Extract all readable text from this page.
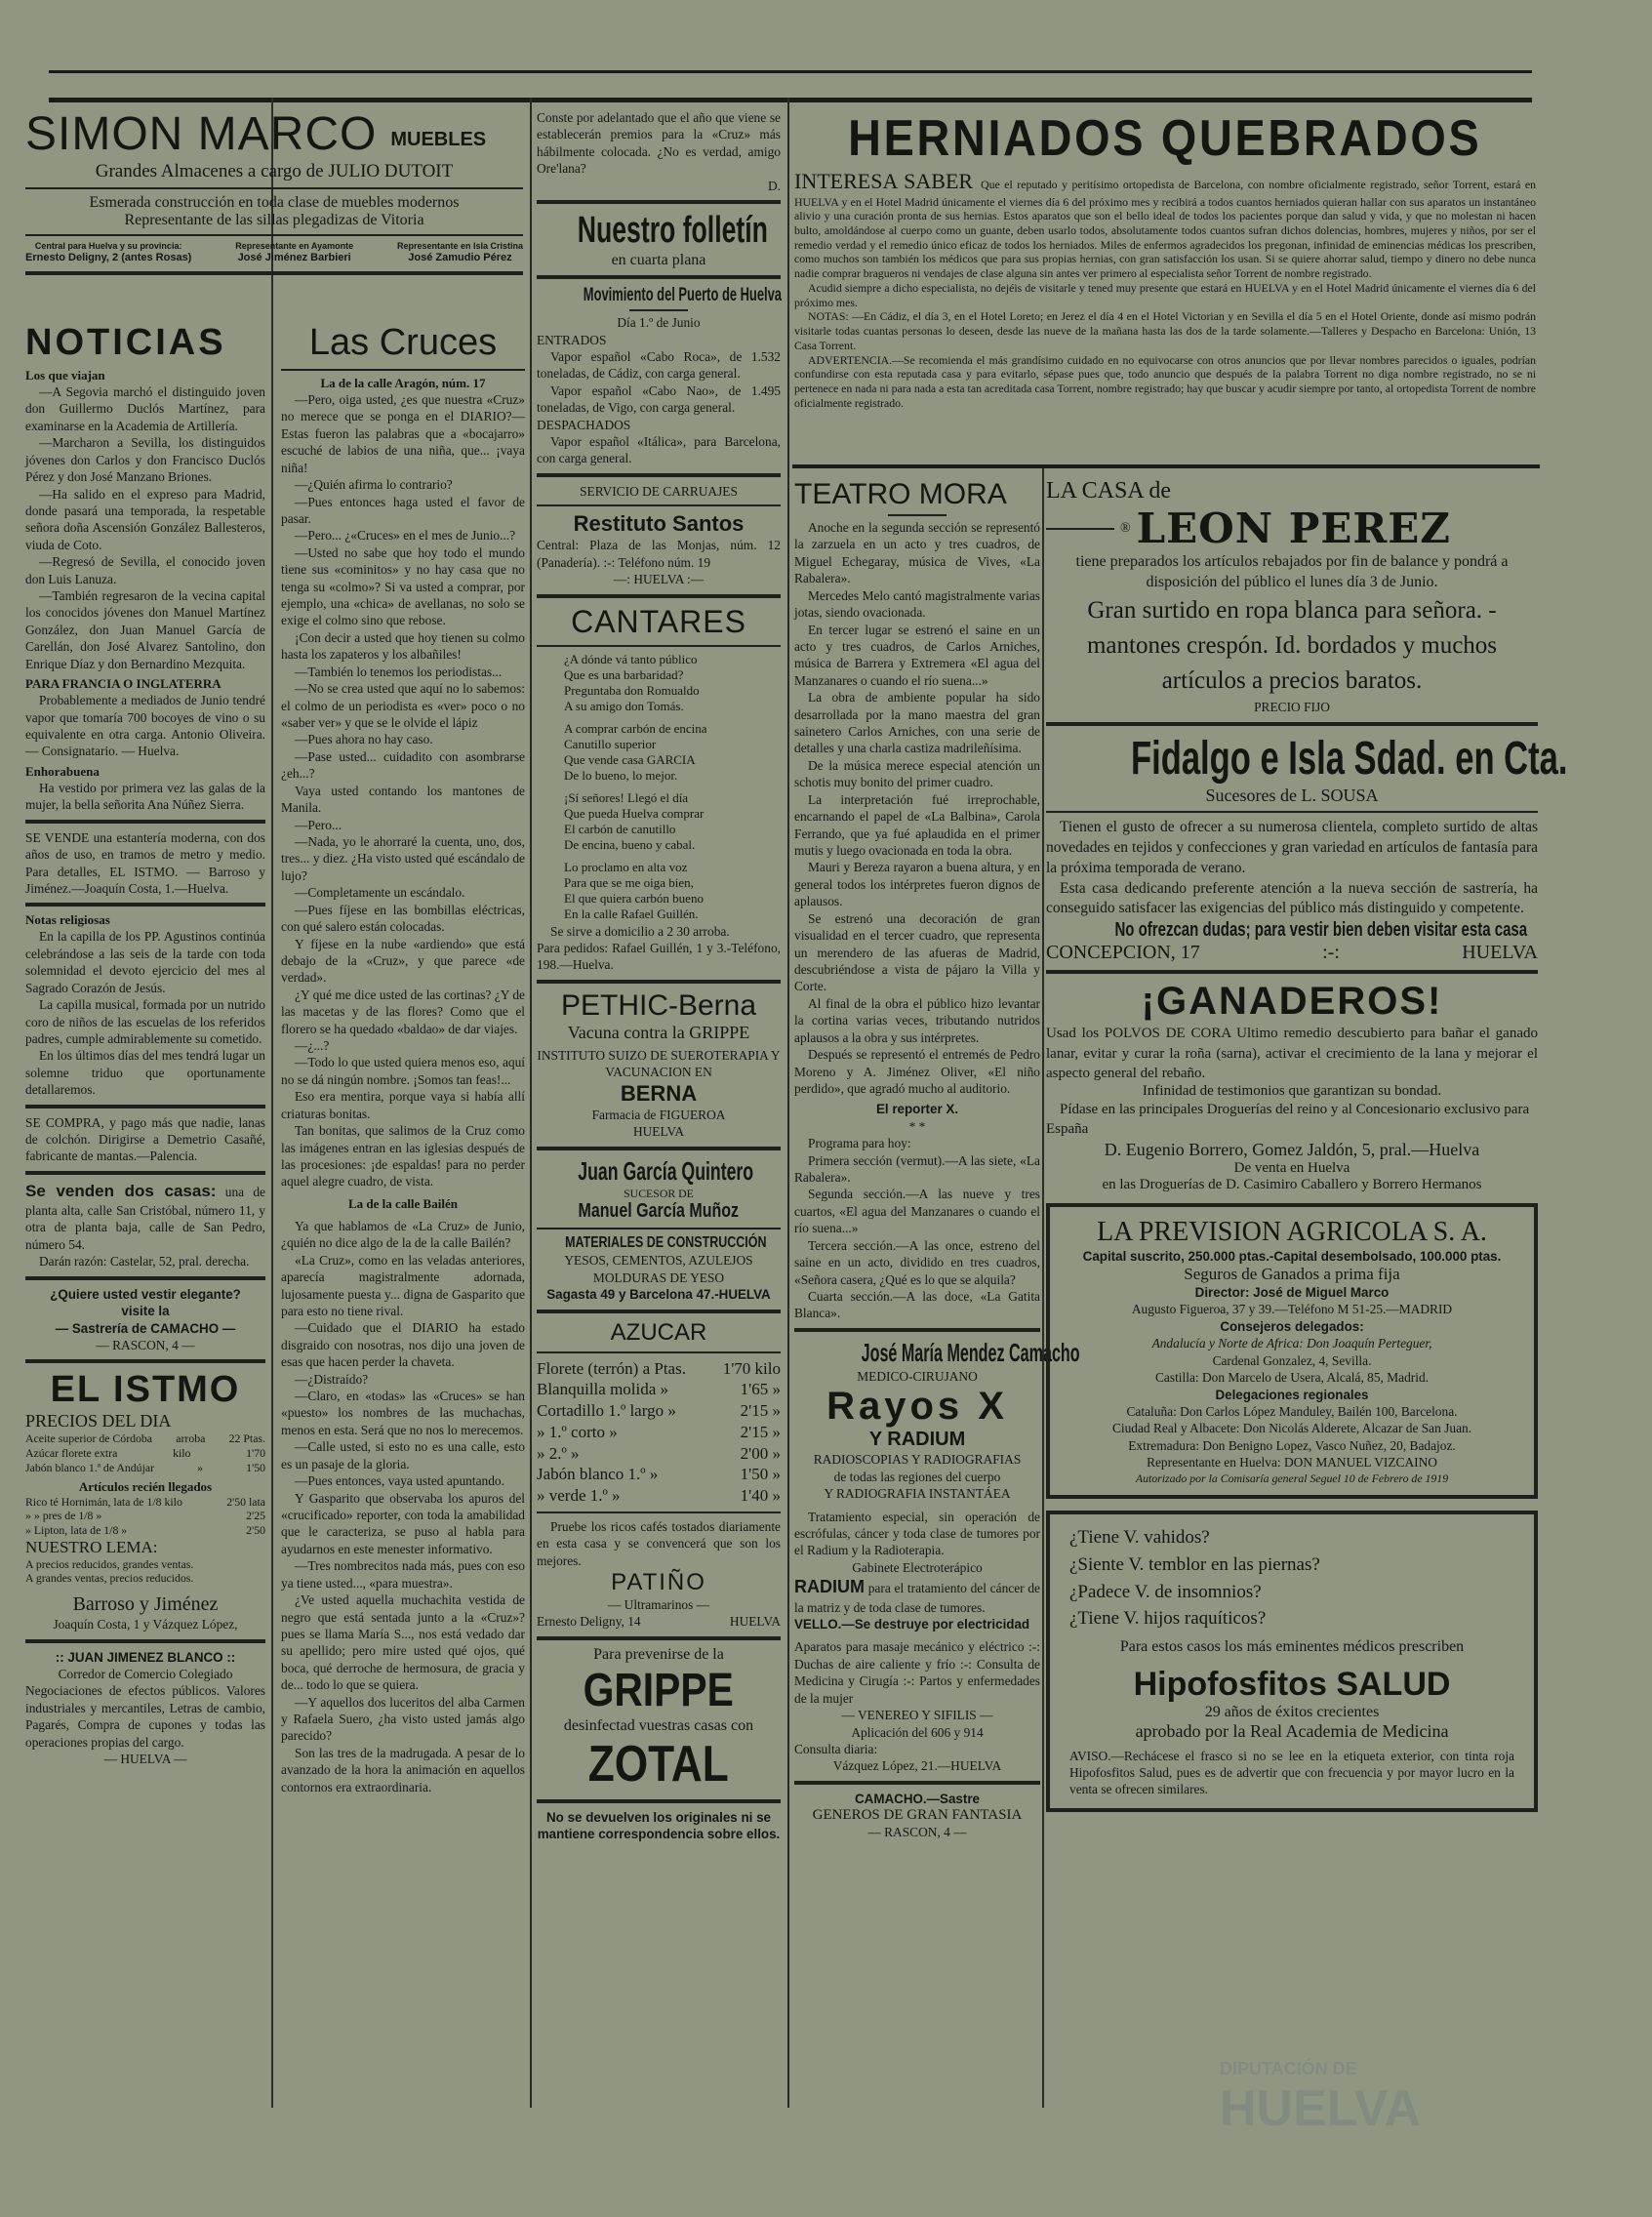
SIMON MARCO MUEBLES
Grandes Almacenes a cargo de JULIO DUTOIT
Esmerada construcción en toda clase de muebles modernos
Representante de las sillas plegadizas de Vitoria
Central para Huelva y su provincia:
Ernesto Deligny, 2 (antes Rosas)
Representante en Ayamonte
José Jiménez Barbieri
Representante en Isla Cristina
José Zamudio Pérez
NOTICIAS
Los que viajan

—A Segovia marchó el distinguido joven don Guillermo Duclós Martínez, para examinarse en la Academia de Artillería.

—Marcharon a Sevilla, los distinguidos jóvenes don Carlos y don Francisco Duclós Pérez y don José Manzano Briones.

—Ha salido en el expreso para Madrid, donde pasará una temporada, la respetable señora doña Ascensión González Ballesteros, viuda de Coto.

—Regresó de Sevilla, el conocido joven don Luis Lanuza.

—También regresaron de la vecina capital los conocidos jóvenes don Manuel Martínez González, don Juan Manuel García de Carellán, don José Alvarez Santolino, don Enrique Díaz y don Bernardino Mezquita.

PARA FRANCIA O INGLATERRA

Probablemente a mediados de Junio tendré vapor que tomaría 700 bocoyes de vino o su equivalente en otra carga. Antonio Oliveira. — Consignatario. — Huelva.

Enhorabuena

Ha vestido por primera vez las galas de la mujer, la bella señorita Ana Núñez Sierra.

SE VENDE una estantería moderna, con dos años de uso, en tramos de metro y medio. Para detalles, EL ISTMO. — Barroso y Jiménez.—Joaquín Costa, 1.—Huelva.

Notas religiosas

En la capilla de los PP. Agustinos continúa celebrándose a las seis de la tarde con toda solemnidad el devoto ejercicio del mes al Sagrado Corazón de Jesús.

La capilla musical, formada por un nutrido coro de niños de las escuelas de los referidos padres, cumple admirablemente su cometido.

En los últimos días del mes tendrá lugar un solemne triduo que oportunamente detallaremos.

SE COMPRA, y pago más que nadie, lanas de colchón. Dirigirse a Demetrio Casañé, fabricante de mantas.—Palencia.

Se venden dos casas: una de planta alta, calle San Cristóbal, número 11, y otra de planta baja, calle de San Pedro, número 54.

Darán razón: Castelar, 52, pral. derecha.

¿Quiere usted vestir elegante?
visite la
— Sastrería de CAMACHO —
— RASCON, 4 —
EL ISTMO
PRECIOS DEL DIA
Aceite superior de Córdoba arroba 22 Ptas.
Azúcar florete extra	kilo	1'70
Jabón blanco 1.ª de Andújar	»	1'50
Artículos recién llegados
Rico té Hornimán, lata de 1/8 kilo	2'50 lata
» » pres de 1/8 »	2'25
» Lipton, lata de 1/8 »	2'50
NUESTRO LEMA:
A precios reducidos, grandes ventas.
A grandes ventas, precios reducidos.
Barroso y Jiménez
Joaquín Costa, 1 y Vázquez López,
:: JUAN JIMENEZ BLANCO ::
Corredor de Comercio Colegiado

Negociaciones de efectos públicos. Valores industriales y mercantiles, Letras de cambio, Pagarés, Compra de cupones y todas las operaciones propias del cargo.

— HUELVA —
Las Cruces
La de la calle Aragón, núm. 17

—Pero, oiga usted, ¿es que nuestra «Cruz» no merece que se ponga en el DIARIO?—Estas fueron las palabras que a «bocajarro» escuché de labios de una niña, que... ¡vaya niña!

—¿Quién afirma lo contrario?

—Pues entonces haga usted el favor de pasar.

—Pero... ¿«Cruces» en el mes de Junio...?

—Usted no sabe que hoy todo el mundo tiene sus «cominitos» y no hay casa que no tenga su «colmo»? Si va usted a comprar, por ejemplo, una «chica» de avellanas, no solo se exige el colmo sino que rebose.

¡Con decir a usted que hoy tienen su colmo hasta los zapateros y los albañiles!

—También lo tenemos los periodistas...

—No se crea usted que aquí no lo sabemos: el colmo de un periodista es «ver» poco o no «saber ver» y que se le olvide el lápiz

—Pues ahora no hay caso.

—Pase usted... cuidadito con asombrarse ¿eh...?

Vaya usted contando los mantones de Manila.

—Pero...

—Nada, yo le ahorraré la cuenta, uno, dos, tres... y diez. ¿Ha visto usted qué escándalo de lujo?

—Completamente un escándalo.

—Pues fíjese en las bombillas eléctricas, con qué salero están colocadas.

Y fíjese en la nube «ardiendo» que está debajo de la «Cruz», y que parece «de verdad».

¿Y qué me dice usted de las cortinas? ¿Y de las macetas y de las flores? Como que el florero se ha quedado «baldao» de dar viajes.

—¿...?

—Todo lo que usted quiera menos eso, aquí no se dá ningún nombre. ¡Somos tan feas!...

Eso era mentira, porque vaya si había allí criaturas bonitas.

Tan bonitas, que salimos de la Cruz como las imágenes entran en las iglesias después de las procesiones: ¡de espaldas! para no perder aquel alegre cuadro, de vista.

La de la calle Bailén

Ya que hablamos de «La Cruz» de Junio, ¿quién no dice algo de la de la calle Bailén?

«La Cruz», como en las veladas anteriores, aparecía magistralmente adornada, lujosamente puesta y... digna de Gasparito que para esto no tiene rival.

—Cuidado que el DIARIO ha estado disgraido con nosotras, nos dijo una joven de esas que hacen perder la chaveta.

—¿Distraído?

—Claro, en «todas» las «Cruces» se han «puesto» los nombres de las muchachas, menos en esta. Será que no nos lo merecemos.

—Calle usted, si esto no es una calle, esto es un pasaje de la gloria.

—Pues entonces, vaya usted apuntando.

Y Gasparito que observaba los apuros del «crucificado» reporter, con toda la amabilidad que le caracteriza, se puso al habla para ayudarnos en este menester informativo.

—Tres nombrecitos nada más, pues con eso ya tiene usted..., «para muestra».

¿Ve usted aquella muchachita vestida de negro que está sentada junto a la «Cruz»? pues se llama María S..., nos está vedado dar su apellido; pero mire usted qué ojos, qué boca, qué derroche de hermosura, de gracia y de... todo lo que se quiera.

—Y aquellos dos luceritos del alba Carmen y Rafaela Suero, ¿ha visto usted jamás algo parecido?

Son las tres de la madrugada. A pesar de lo avanzado de la hora la animación en aquellos contornos era extraordinaria.

Conste por adelantado que el año que viene se establecerán premios para la «Cruz» más hábilmente colocada. ¿No es verdad, amigo Ore'lana?

D.
Nuestro folletín
en cuarta plana
Movimiento del Puerto de Huelva
Día 1.º de Junio
ENTRADOS

Vapor español «Cabo Roca», de 1.532 toneladas, de Cádiz, con carga general.

Vapor español «Cabo Nao», de 1.495 toneladas, de Vigo, con carga general.

DESPACHADOS

Vapor español «Itálica», para Barcelona, con carga general.

SERVICIO DE CARRUAJES
Restituto Santos

Central: Plaza de las Monjas, núm. 12 (Panadería). :-: Teléfono núm. 19

—: HUELVA :—
CANTARES
¿A dónde vá tanto público
Que es una barbaridad?
Preguntaba don Romualdo
A su amigo don Tomás.

A comprar carbón de encina
Canutillo superior
Que vende casa GARCIA
De lo bueno, lo mejor.

¡Sí señores! Llegó el día
Que pueda Huelva comprar
El carbón de canutillo
De encina, bueno y cabal.

Lo proclamo en alta voz
Para que se me oiga bien,
El que quiera carbón bueno
En la calle Rafael Guillén.

Se sirve a domicilio a 2 30 arroba.

Para pedidos: Rafael Guillén, 1 y 3.-Teléfono, 198.—Huelva.

PETHIC-Berna
Vacuna contra la GRIPPE
INSTITUTO SUIZO DE SUEROTERAPIA Y VACUNACION EN
BERNA
Farmacia de FIGUEROA
HUELVA
Juan García Quintero
SUCESOR DE
Manuel García Muñoz
MATERIALES DE CONSTRUCCIÓN
YESOS, CEMENTOS, AZULEJOS
MOLDURAS DE YESO
Sagasta 49 y Barcelona 47.-HUELVA
AZUCAR
Florete (terrón) a Ptas. 1'70 kilo
Blanquilla molida »	1'65 »
Cortadillo 1.º largo »	2'15 »
» 1.º corto »	2'15 »
» 2.º »	2'00 »
Jabón blanco 1.º »	1'50 »
» verde 1.º »	1'40 »

Pruebe los ricos cafés tostados diariamente en esta casa y se convencerá que son los mejores.

PATIÑO
— Ultramarinos —
Ernesto Deligny, 14	HUELVA
Para prevenirse de la
GRIPPE
desinfectad vuestras casas con
ZOTAL

No se devuelven los originales ni se mantiene correspondencia sobre ellos.

HERNIADOS QUEBRADOS

INTERESA SABER Que el reputado y peritísimo ortopedista de Barcelona, con nombre oficialmente registrado, señor Torrent, estará en HUELVA y en el Hotel Madrid únicamente el viernes día 6 del próximo mes y recibirá a todos cuantos herniados quieran hallar con sus aparatos un instantáneo alivio y una curación pronta de sus hernias. Estos aparatos que son el bello ideal de todos los pacientes porque dan salud y vida, y que no molestan ni hacen bulto, amoldándose al cuerpo como un guante, deben usarlo todos, absolutamente todos cuantos sufran dichos dolencias, hombres, mujeres y niños, por ser el remedio verdad y el remedio único eficaz de todos los herniados. Miles de enfermos agradecidos los pregonan, infinidad de eminencias médicas los prescriben, como muchos son también los médicos que para sus propias hernias, con gran satisfacción los usan. Si se quiere ahorrar salud, tiempo y dinero no debe nunca nadie comprar bragueros ni vendajes de clase alguna sin antes ver primero al especialista señor Torrent de nombre registrado.

Acudid siempre a dicho especialista, no dejéis de visitarle y tened muy presente que estará en HUELVA y en el Hotel Madrid únicamente el viernes día 6 del próximo mes.

NOTAS: —En Cádiz, el día 3, en el Hotel Loreto; en Jerez el día 4 en el Hotel Victorian y en Sevilla el día 5 en el Hotel Oriente, donde así mismo podrán visitarle todas cuantas personas lo deseen, desde las nueve de la mañana hasta las dos de la tarde solamente.—Talleres y Despacho en Barcelona: Unión, 13 Casa Torrent.

ADVERTENCIA.—Se recomienda el más grandísimo cuidado en no equivocarse con otros anuncios que por llevar nombres parecidos o iguales, podrían confundirse con esta reputada casa y para evitarlo, sépase pues que, todo anuncio que después de la palabra Torrent no diga nombre registrado, no se ni pertenece en nada ni para nada a esta tan acreditada casa Torrent, nombre registrado; hay que buscar y acudir siempre por tanto, al ortopedista Torrent de nombre oficialmente registrado.

TEATRO MORA

Anoche en la segunda sección se representó la zarzuela en un acto y tres cuadros, de Miguel Echegaray, música de Vives, «La Rabalera».

Mercedes Melo cantó magistralmente varias jotas, siendo ovacionada.

En tercer lugar se estrenó el saine en un acto y tres cuadros, de Carlos Arniches, música de Barrera y Extremera «El agua del Manzanares o cuando el río suena...»

La obra de ambiente popular ha sido desarrollada por la mano maestra del gran sainetero Carlos Arniches, con una serie de detalles y una charla castiza madrileñísima.

De la música merece especial atención un schotis muy bonito del primer cuadro.

La interpretación fué irreprochable, encarnando el papel de «La Balbina», Carola Ferrando, que ya fué aplaudida en el primer mutis y luego ovacionada en toda la obra.

Mauri y Bereza rayaron a buena altura, y en general todos los intérpretes fueron dignos de aplausos.

Se estrenó una decoración de gran visualidad en el tercer cuadro, que representa un merendero de las afueras de Madrid, descubriéndose a vista de pájaro la Villa y Corte.

Al final de la obra el público hizo levantar la cortina varias veces, tributando nutridos aplausos a la obra y sus intérpretes.

Después se representó el entremés de Pedro Moreno y A. Jiménez Oliver, «El niño perdido», que agradó mucho al auditorio.

El reporter X.
* *

Programa para hoy:

Primera sección (vermut).—A las siete, «La Rabalera».

Segunda sección.—A las nueve y tres cuartos, «El agua del Manzanares o cuando el río suena...»

Tercera sección.—A las once, estreno del saine en un acto, dividido en tres cuadros, «Señora casera, ¿Qué es lo que se alquila?

Cuarta sección.—A las doce, «La Gatita Blanca».

José María Mendez Camacho
MEDICO-CIRUJANO
Rayos X
Y RADIUM
RADIOSCOPIAS Y RADIOGRAFIAS
de todas las regiones del cuerpo
Y RADIOGRAFIA INSTANTÁEA

Tratamiento especial, sin operación de escrófulas, cáncer y toda clase de tumores por el Radium y la Radioterapia.

Gabinete Electroterápico

RADIUM para el tratamiento del cáncer de la matriz y de toda clase de tumores.

VELLO.—Se destruye por electricidad

Aparatos para masaje mecánico y eléctrico :-: Duchas de aire caliente y frío :-: Consulta de Medicina y Cirugía :-: Partos y enfermedades de la mujer

— VENEREO Y SIFILIS —
Aplicación del 606 y 914
Consulta diaria:
Vázquez López, 21.—HUELVA
CAMACHO.—Sastre
GENEROS DE GRAN FANTASIA
— RASCON, 4 —
LA CASA de
® LEON PEREZ

tiene preparados los artículos rebajados por fin de balance y pondrá a disposición del público el lunes día 3 de Junio.

Gran surtido en ropa blanca para señora. -mantones crespón. Id. bordados y muchos artículos a precios baratos.

PRECIO FIJO
Fidalgo e Isla Sdad. en Cta.
Sucesores de L. SOUSA

Tienen el gusto de ofrecer a su numerosa clientela, completo surtido de altas novedades en tejidos y confecciones y gran variedad en artículos de fantasía para la próxima temporada de verano.

Esta casa dedicando preferente atención a la nueva sección de sastrería, ha conseguido satisfacer las exigencias del público más distinguido y competente.

No ofrezcan dudas; para vestir bien deben visitar esta casa
CONCEPCION, 17	:-:	HUELVA
¡GANADEROS!

Usad los POLVOS DE CORA Ultimo remedio descubierto para bañar el ganado lanar, evitar y curar la roña (sarna), activar el crecimiento de la lana y mejorar el aspecto general del rebaño.

Infinidad de testimonios que garantizan su bondad.

Pídase en las principales Droguerías del reino y al Concesionario exclusivo para España

D. Eugenio Borrero, Gomez Jaldón, 5, pral.—Huelva

De venta en Huelva

en las Droguerías de D. Casimiro Caballero y Borrero Hermanos

LA PREVISION AGRICOLA S. A.
Capital suscrito, 250.000 ptas.-Capital desembolsado, 100.000 ptas.
Seguros de Ganados a prima fija
Director: José de Miguel Marco
Augusto Figueroa, 37 y 39.—Teléfono M 51-25.—MADRID
Consejeros delegados:
Andalucía y Norte de Africa: Don Joaquín Perteguer,
Cardenal Gonzalez, 4, Sevilla.
Castilla: Don Marcelo de Usera, Alcalá, 85, Madrid.
Delegaciones regionales
Cataluña: Don Carlos López Manduley, Bailén 100, Barcelona.
Ciudad Real y Albacete: Don Nicolás Alderete, Alcazar de San Juan.
Extremadura: Don Benigno Lopez, Vasco Nuñez, 20, Badajoz.
Representante en Huelva: DON MANUEL VIZCAINO
Autorizado por la Comisaría general Seguel 10 de Febrero de 1919
¿Tiene V. vahidos?
¿Siente V. temblor en las piernas?
¿Padece V. de insomnios?
¿Tiene V. hijos raquíticos?
Para estos casos los más eminentes médicos prescriben
Hipofosfitos SALUD
29 años de éxitos crecientes
aprobado por la Real Academia de Medicina

AVISO.—Rechácese el frasco si no se lee en la etiqueta exterior, con tinta roja Hipofosfitos Salud, pues es de advertir que con frecuencia y por mayor lucro en la venta se ofrecen similares.

DIPUTACIÓN DE
HUELVA
